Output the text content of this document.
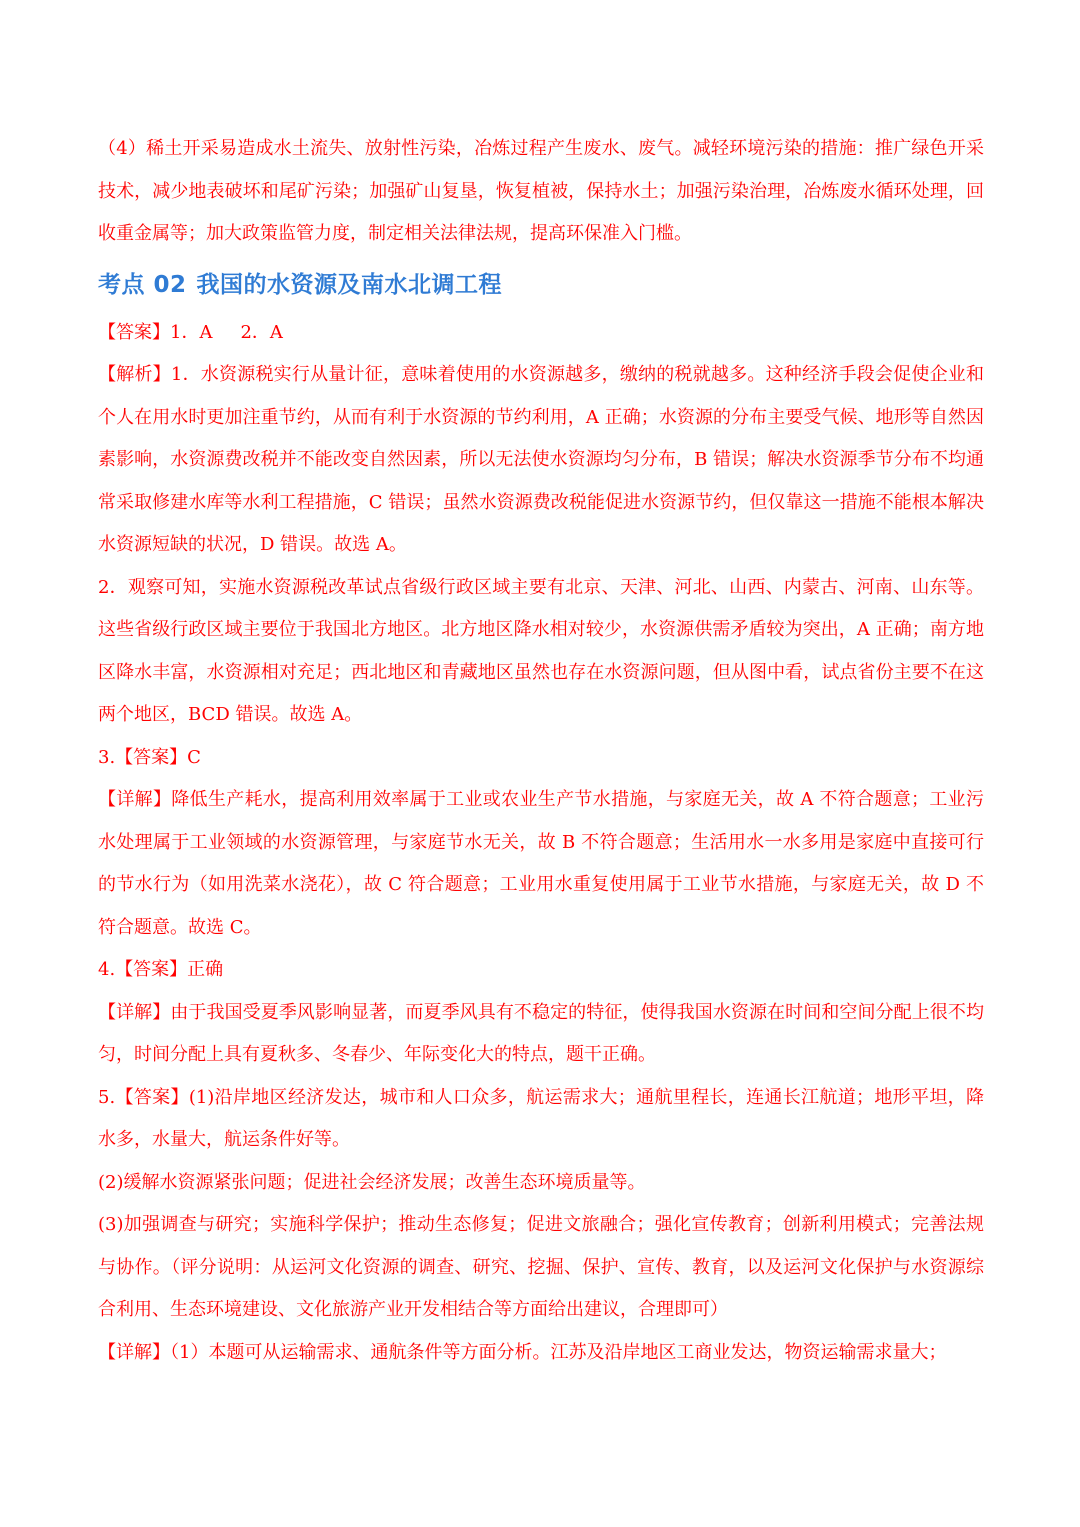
（4）稀土开采易造成水土流失、放射性污染，冶炼过程产生废水、废气。减轻环境污染的措施：推广绿色开采技术，减少地表破坏和尾矿污染；加强矿山复垦，恢复植被，保持水土；加强污染治理，冶炼废水循环处理，回收重金属等；加大政策监管力度，制定相关法律法规，提高环保准入门槛。

考点 02 我国的水资源及南水北调工程

【答案】1．A 2．A

【解析】1．水资源税实行从量计征，意味着使用的水资源越多，缴纳的税就越多。这种经济手段会促使企业和个人在用水时更加注重节约，从而有利于水资源的节约利用，A 正确；水资源的分布主要受气候、地形等自然因素影响，水资源费改税并不能改变自然因素，所以无法使水资源均匀分布，B 错误；解决水资源季节分布不均通常采取修建水库等水利工程措施，C 错误；虽然水资源费改税能促进水资源节约，但仅靠这一措施不能根本解决水资源短缺的状况，D 错误。故选 A。

2．观察可知，实施水资源税改革试点省级行政区域主要有北京、天津、河北、山西、内蒙古、河南、山东等。这些省级行政区域主要位于我国北方地区。北方地区降水相对较少，水资源供需矛盾较为突出，A 正确；南方地区降水丰富，水资源相对充足；西北地区和青藏地区虽然也存在水资源问题，但从图中看，试点省份主要不在这两个地区，BCD 错误。故选 A。

3.【答案】C

【详解】降低生产耗水，提高利用效率属于工业或农业生产节水措施，与家庭无关，故 A 不符合题意；工业污水处理属于工业领域的水资源管理，与家庭节水无关，故 B 不符合题意；生活用水一水多用是家庭中直接可行的节水行为（如用洗菜水浇花），故 C 符合题意；工业用水重复使用属于工业节水措施，与家庭无关，故 D 不符合题意。故选 C。

4.【答案】正确

【详解】由于我国受夏季风影响显著，而夏季风具有不稳定的特征，使得我国水资源在时间和空间分配上很不均匀，时间分配上具有夏秋多、冬春少、年际变化大的特点，题干正确。

5.【答案】(1)沿岸地区经济发达，城市和人口众多，航运需求大；通航里程长，连通长江航道；地形平坦，降水多，水量大，航运条件好等。

(2)缓解水资源紧张问题；促进社会经济发展；改善生态环境质量等。

(3)加强调查与研究；实施科学保护；推动生态修复；促进文旅融合；强化宣传教育；创新利用模式；完善法规与协作。（评分说明：从运河文化资源的调查、研究、挖掘、保护、宣传、教育，以及运河文化保护与水资源综合利用、生态环境建设、文化旅游产业开发相结合等方面给出建议，合理即可）

【详解】（1）本题可从运输需求、通航条件等方面分析。江苏及沿岸地区工商业发达，物资运输需求量大；
